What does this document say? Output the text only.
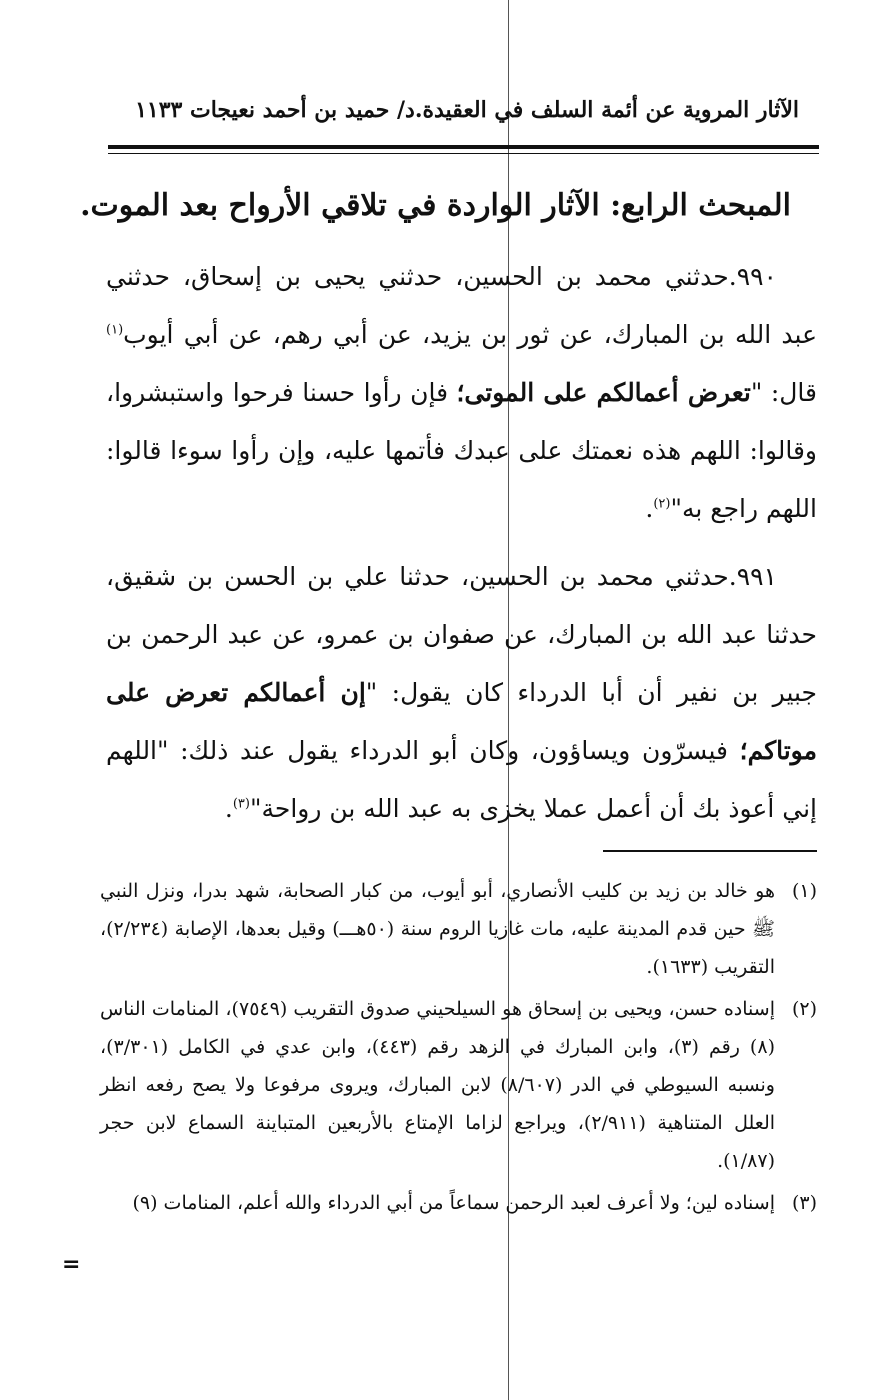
الآثار المروية عن أئمة السلف في العقيدة.د/ حميد بن أحمد نعيجات ١١٣٣
المبحث الرابع: الآثار الواردة في تلاقي الأرواح بعد الموت.

٩٩٠.حدثني محمد بن الحسين، حدثني يحيى بن إسحاق، حدثني عبد الله بن المبارك، عن ثور بن يزيد، عن أبي رهم، عن أبي أيوب$^{(١)}$ قال: "تعرض أعمالكم على الموتى؛ فإن رأوا حسنا فرحوا واستبشروا، وقالوا: اللهم هذه نعمتك على عبدك فأتمها عليه، وإن رأوا سوءا قالوا: اللهم راجع به"$^{(٢)}$.

٩٩١.حدثني محمد بن الحسين، حدثنا علي بن الحسن بن شقيق، حدثنا عبد الله بن المبارك، عن صفوان بن عمرو، عن عبد الرحمن بن جبير بن نفير أن أبا الدرداء كان يقول: "إن أعمالكم تعرض على موتاكم؛ فيسرّون ويساؤون، وكان أبو الدرداء يقول عند ذلك: "اللهم إني أعوذ بك أن أعمل عملا يخزى به عبد الله بن رواحة"$^{(٣)}$.

(١)هو خالد بن زيد بن كليب الأنصاري، أبو أيوب، من كبار الصحابة، شهد بدرا، ونزل النبي ﷺ حين قدم المدينة عليه، مات غازيا الروم سنة (٥٠هـــ) وقيل بعدها، الإصابة (٢/٢٣٤)، التقريب (١٦٣٣).
(٢)إسناده حسن، ويحيى بن إسحاق هو السيلحيني صدوق التقريب (٧٥٤٩)، المنامات الناس (٨) رقم (٣)، وابن المبارك في الزهد رقم (٤٤٣)، وابن عدي في الكامل (٣/٣٠١)، ونسبه السيوطي في الدر (٨/٦٠٧) لابن المبارك، ويروى مرفوعا ولا يصح رفعه انظر العلل المتناهية (٢/٩١١)، ويراجع لزاما الإمتاع بالأربعين المتباينة السماع لابن حجر (١/٨٧).
(٣)إسناده لين؛ ولا أعرف لعبد الرحمن سماعاً من أبي الدرداء والله أعلم، المنامات (٩)
=
